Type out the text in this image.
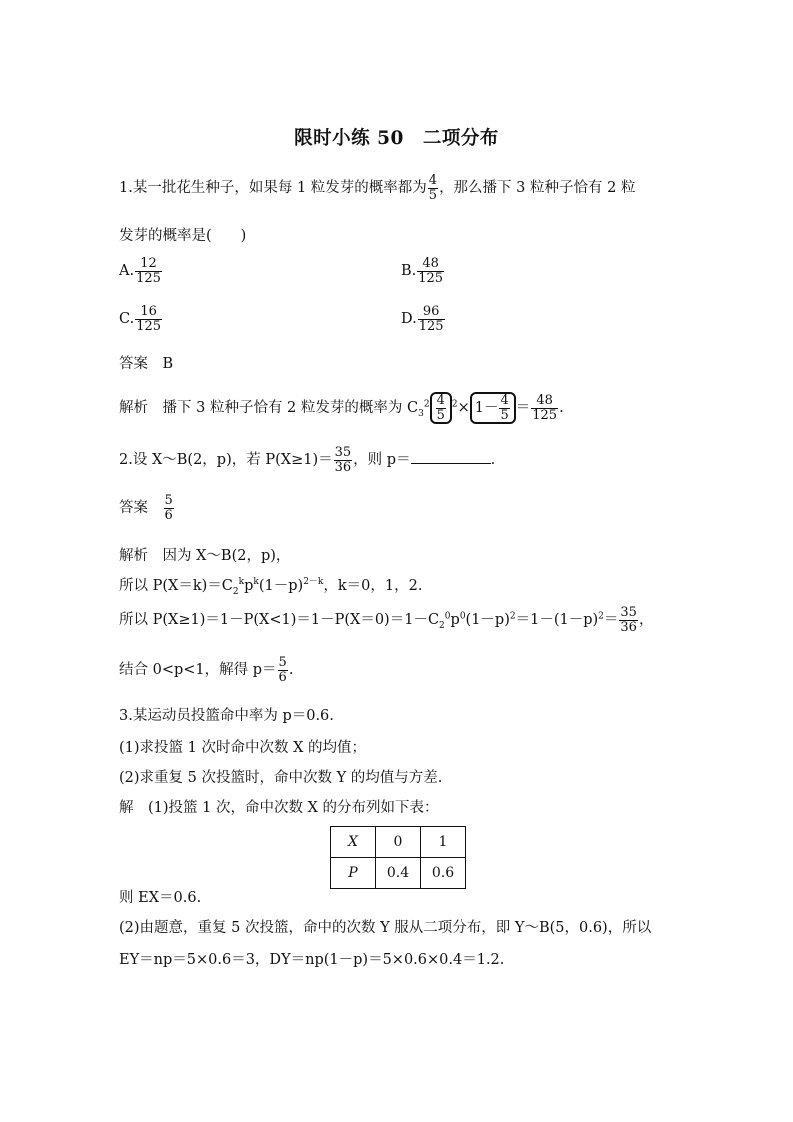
限时小练 50　二项分布
1.某一批花生种子，如果每 1 粒发芽的概率都为 $\frac{4}{5}$ ，那么播下 3 粒种子恰有 2 粒
发芽的概率是(　　)
A. $\frac{12}{125}$	B. $\frac{48}{125}$
C. $\frac{16}{125}$	D. $\frac{96}{125}$
答案　 B
解析　 播下 3 粒种子恰有 2 粒发芽的概率为 $C_3^2 \frac{4}{5} ^2\times 1- \frac{4}{5} = \frac{48}{125}$ .
2.设 X～B(2，p)，若 $P(X\ge 1)= \frac{35}{36}$ ，则 p＝	.
答案　 $\frac{5}{6}$
解析　 因为 X～B(2，p)，
所以 $P(X=k)=C_2^kp^k(1-p)^{2-k}$，k＝0，1，2.
所以 $P(X\ge 1)=1-P(X<1)=1-P(X=0)=1-C_2^0p^0(1-p)^2=1-(1-p)^2= \frac{35}{36}$ ，
结合 0<p<1，解得 $p= \frac{5}{6}$ .
3.某运动员投篮命中率为 p＝0.6.
(1)求投篮 1 次时命中次数 X 的均值；
(2)求重复 5 次投篮时，命中次数 Y 的均值与方差.
解　 (1)投篮 1 次，命中次数 X 的分布列如下表：
X	0	1
P	0.4	0.6
则 EX＝0.6.
(2)由题意，重复 5 次投篮，命中的次数 Y 服从二项分布，即 Y～B(5，0.6)，所以
EY＝np＝5×0.6＝3，DY＝np(1－p)＝5×0.6×0.4＝1.2.
